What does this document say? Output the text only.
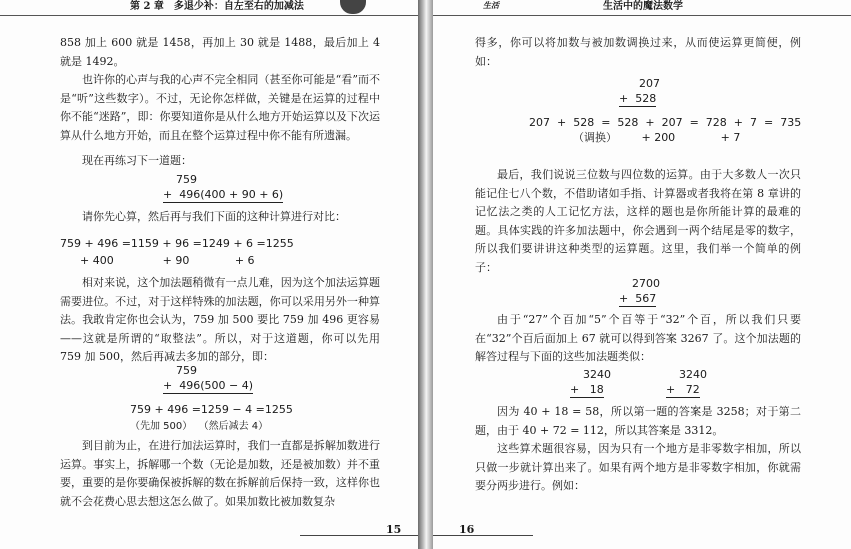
第 2 章　多退少补：自左至右的加减法

858 加上 600 就是 1458，再加上 30 就是 1488，最后加上 4 就是 1492。

也许你的心声与我的心声不完全相同（甚至你可能是“看”而不是“听”这些数字）。不过，无论你怎样做，关键是在运算的过程中你不能“迷路”，即：你要知道你是从什么地方开始运算以及下次运算从什么地方开始，而且在整个运算过程中你不能有所遗漏。

现在再练习下一道题：

759
+  496(400 + 90 + 6)

请你先心算，然后再与我们下面的这种计算进行对比：

759 + 496 =1159 + 96 =1249 + 6 =1255
+ 400              + 90             + 6

相对来说，这个加法题稍微有一点儿难，因为这个加法运算题需要进位。不过，对于这样特殊的加法题，你可以采用另外一种算法。我敢肯定你也会认为，759 加 500 要比 759 加 496 更容易——这就是所谓的“取整法”。所以，对于这道题，你可以先用 759 加 500，然后再减去多加的部分，即：

759
+  496(500 − 4)
759 + 496 =1259 − 4 =1255
（先加 500）  （然后减去 4）

到目前为止，在进行加法运算时，我们一直都是拆解加数进行运算。事实上，拆解哪一个数（无论是加数，还是被加数）并不重要，重要的是你要确保被拆解的数在拆解前后保持一致，这样你也就不会花费心思去想这怎么做了。如果加数比被加数复杂

15
生活	生活中的魔法数学

得多，你可以将加数与被加数调换过来，从而使运算更简便，例如：

207
+  528
207  +  528  =  528  +  207  =  728  +  7  =  735
（调换）       + 200             + 7

最后，我们说说三位数与四位数的运算。由于大多数人一次只能记住七八个数，不借助诸如手指、计算器或者我将在第 8 章讲的记忆法之类的人工记忆方法，这样的题也是你所能计算的最难的题。具体实践的许多加法题中，你会遇到一两个结尾是零的数字，所以我们要讲讲这种类型的运算题。这里，我们举一个简单的例子：

2700
+  567

由于“27”个百加“5”个百等于“32”个百，所以我们只要在“32”个百后面加上 67 就可以得到答案 3267 了。这个加法题的解答过程与下面的这些加法题类似：

3240
+   18
3240
+   72

因为 40 + 18 = 58，所以第一题的答案是 3258；对于第二题，由于 40 + 72 = 112，所以其答案是 3312。

这些算术题很容易，因为只有一个地方是非零数字相加，所以只做一步就计算出来了。如果有两个地方是非零数字相加，你就需要分两步进行。例如：

16
